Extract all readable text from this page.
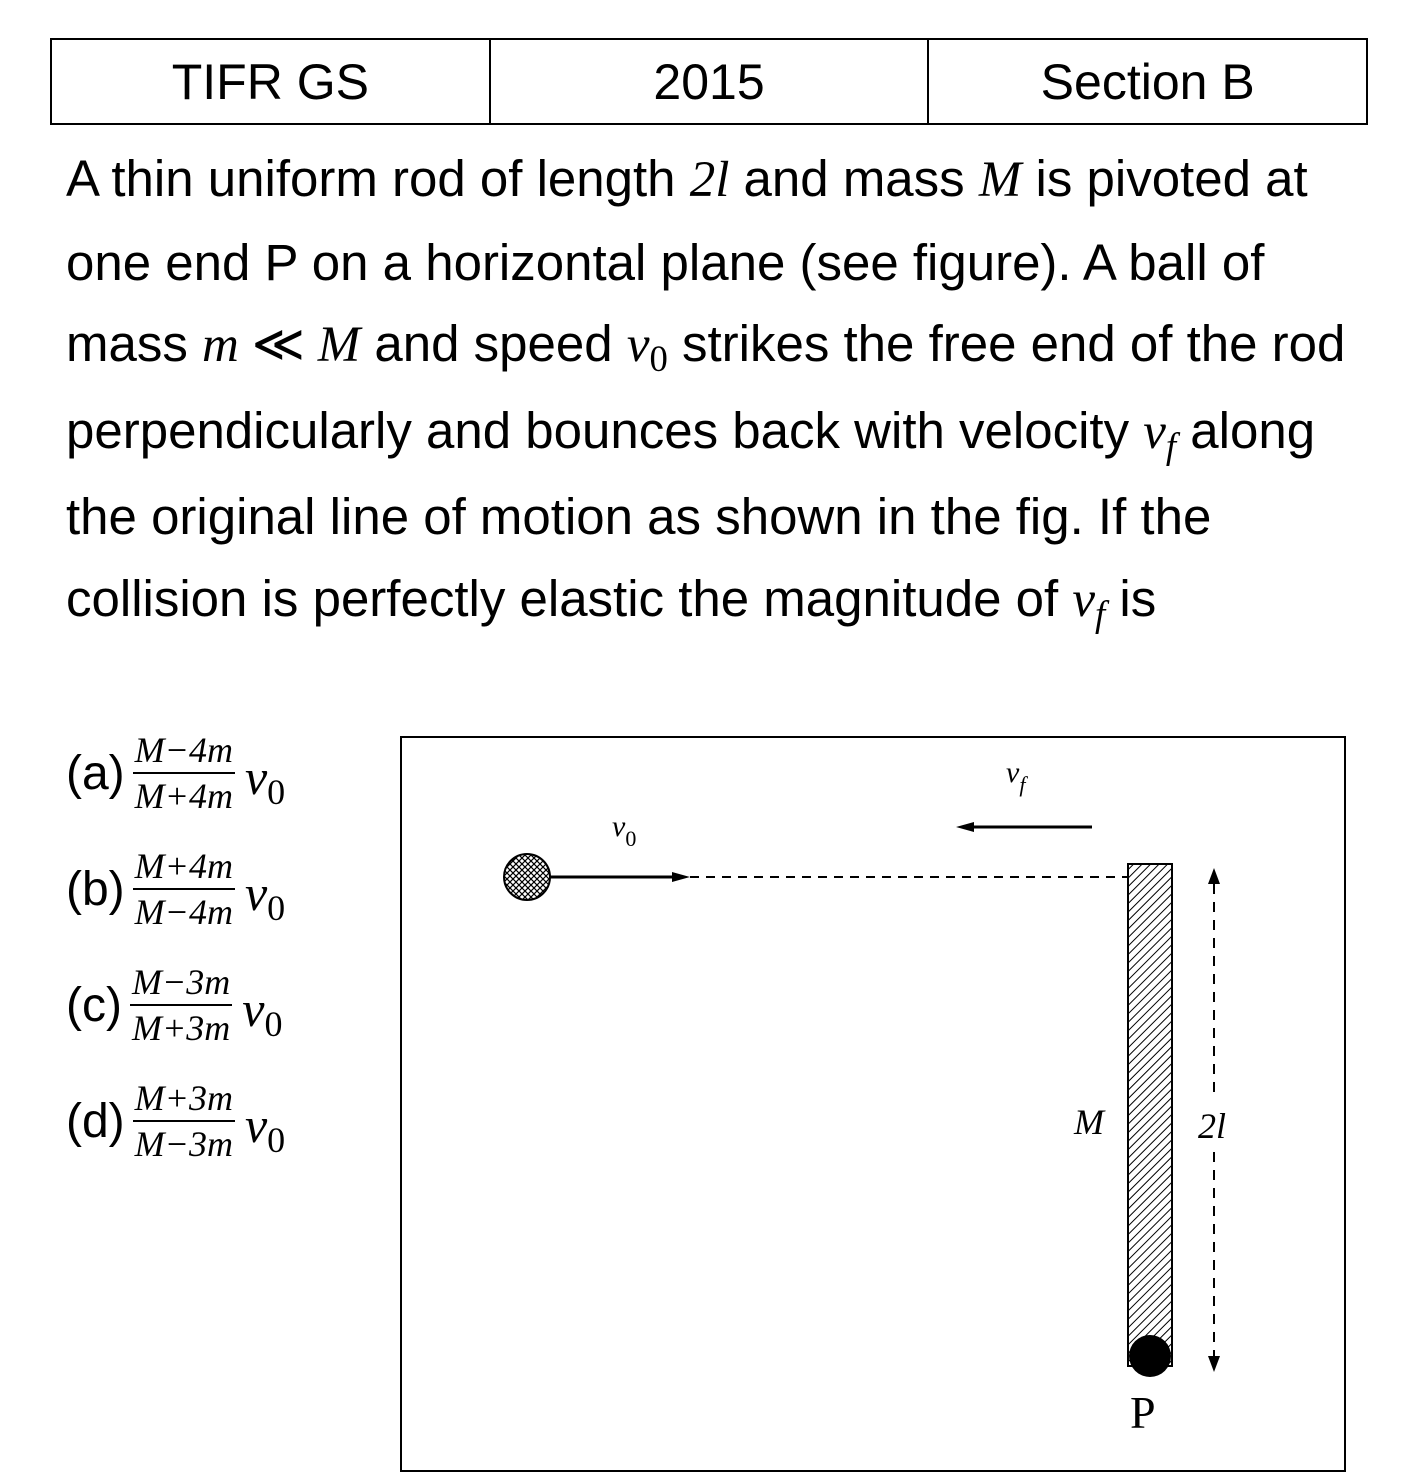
TIFR GS	2015	Section B

A thin uniform rod of length 2l and mass M is pivoted at one end P on a horizontal plane (see figure). A ball of mass m ≪ M and speed $v_0$ strikes the free end of the rod perpendicularly and bounces back with velocity $v_f$ along the original line of motion as shown in the fig. If the collision is perfectly elastic the magnitude of $v_f$ is

$(a) \frac{M-4m}{M+4m} v_0$
$(b) \frac{M+4m}{M-4m} v_0$
$(c) \frac{M-3m}{M+3m} v_0$
$(d) \frac{M+3m}{M-3m} v_0$
$v_0$
$v_f$
M	2l
P
